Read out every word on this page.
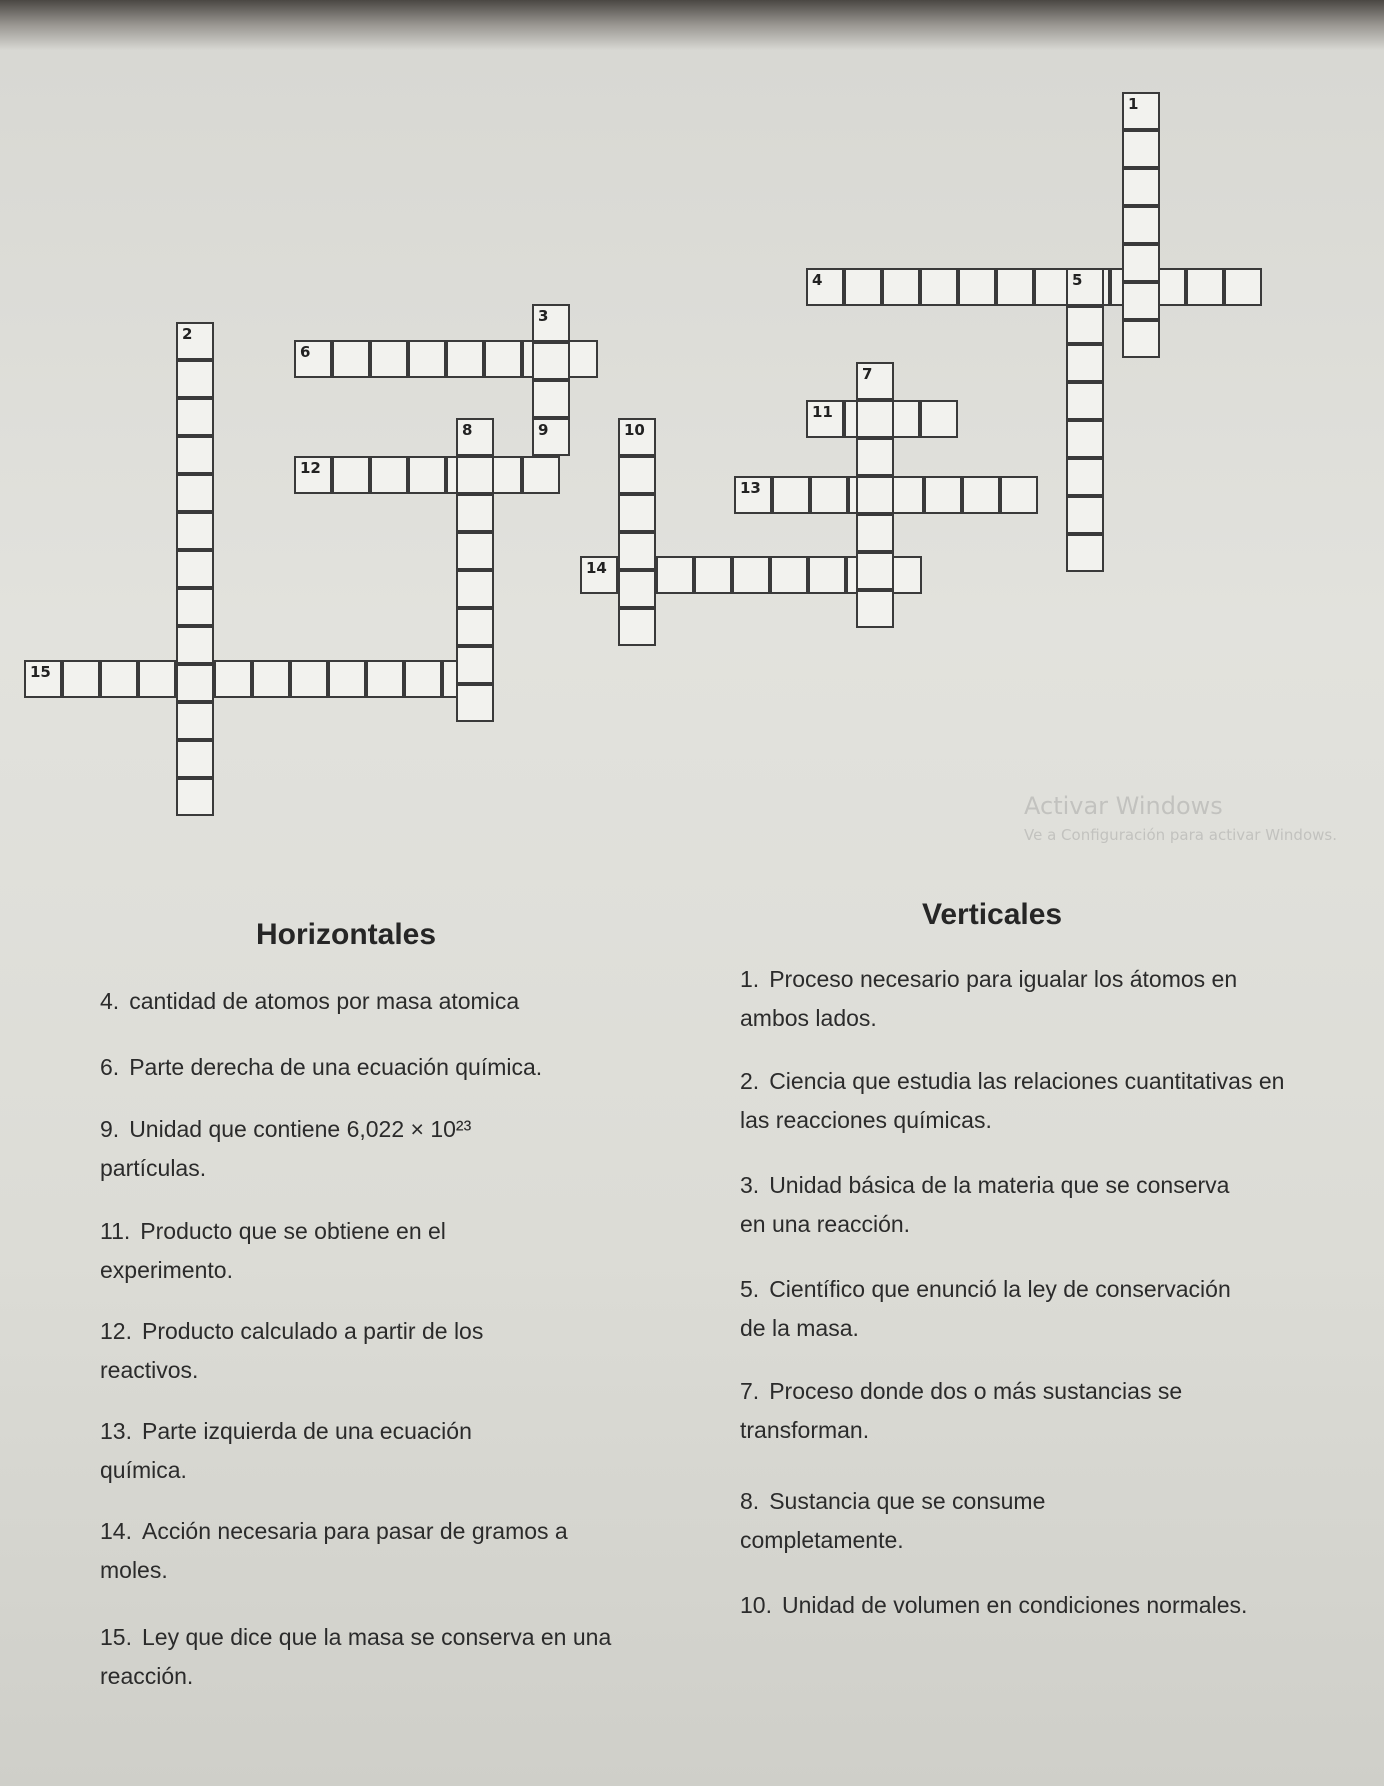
4
6
11
12
13
14
15
1
2
3
5
7
8	9	10
Horizontales
Verticales
4. cantidad de atomos por masa atomica
6. Parte derecha de una ecuación química.
9. Unidad que contiene 6,022 × 10²³ partículas.
11. Producto que se obtiene en el experimento.
12. Producto calculado a partir de los reactivos.
13. Parte izquierda de una ecuación química.
14. Acción necesaria para pasar de gramos a moles.
15. Ley que dice que la masa se conserva en una reacción.
1. Proceso necesario para igualar los átomos en ambos lados.
2. Ciencia que estudia las relaciones cuantitativas en las reacciones químicas.
3. Unidad básica de la materia que se conserva en una reacción.
5. Científico que enunció la ley de conservación de la masa.
7. Proceso donde dos o más sustancias se transforman.
8. Sustancia que se consume completamente.
10. Unidad de volumen en condiciones normales.
Activar Windows
Ve a Configuración para activar Windows.
